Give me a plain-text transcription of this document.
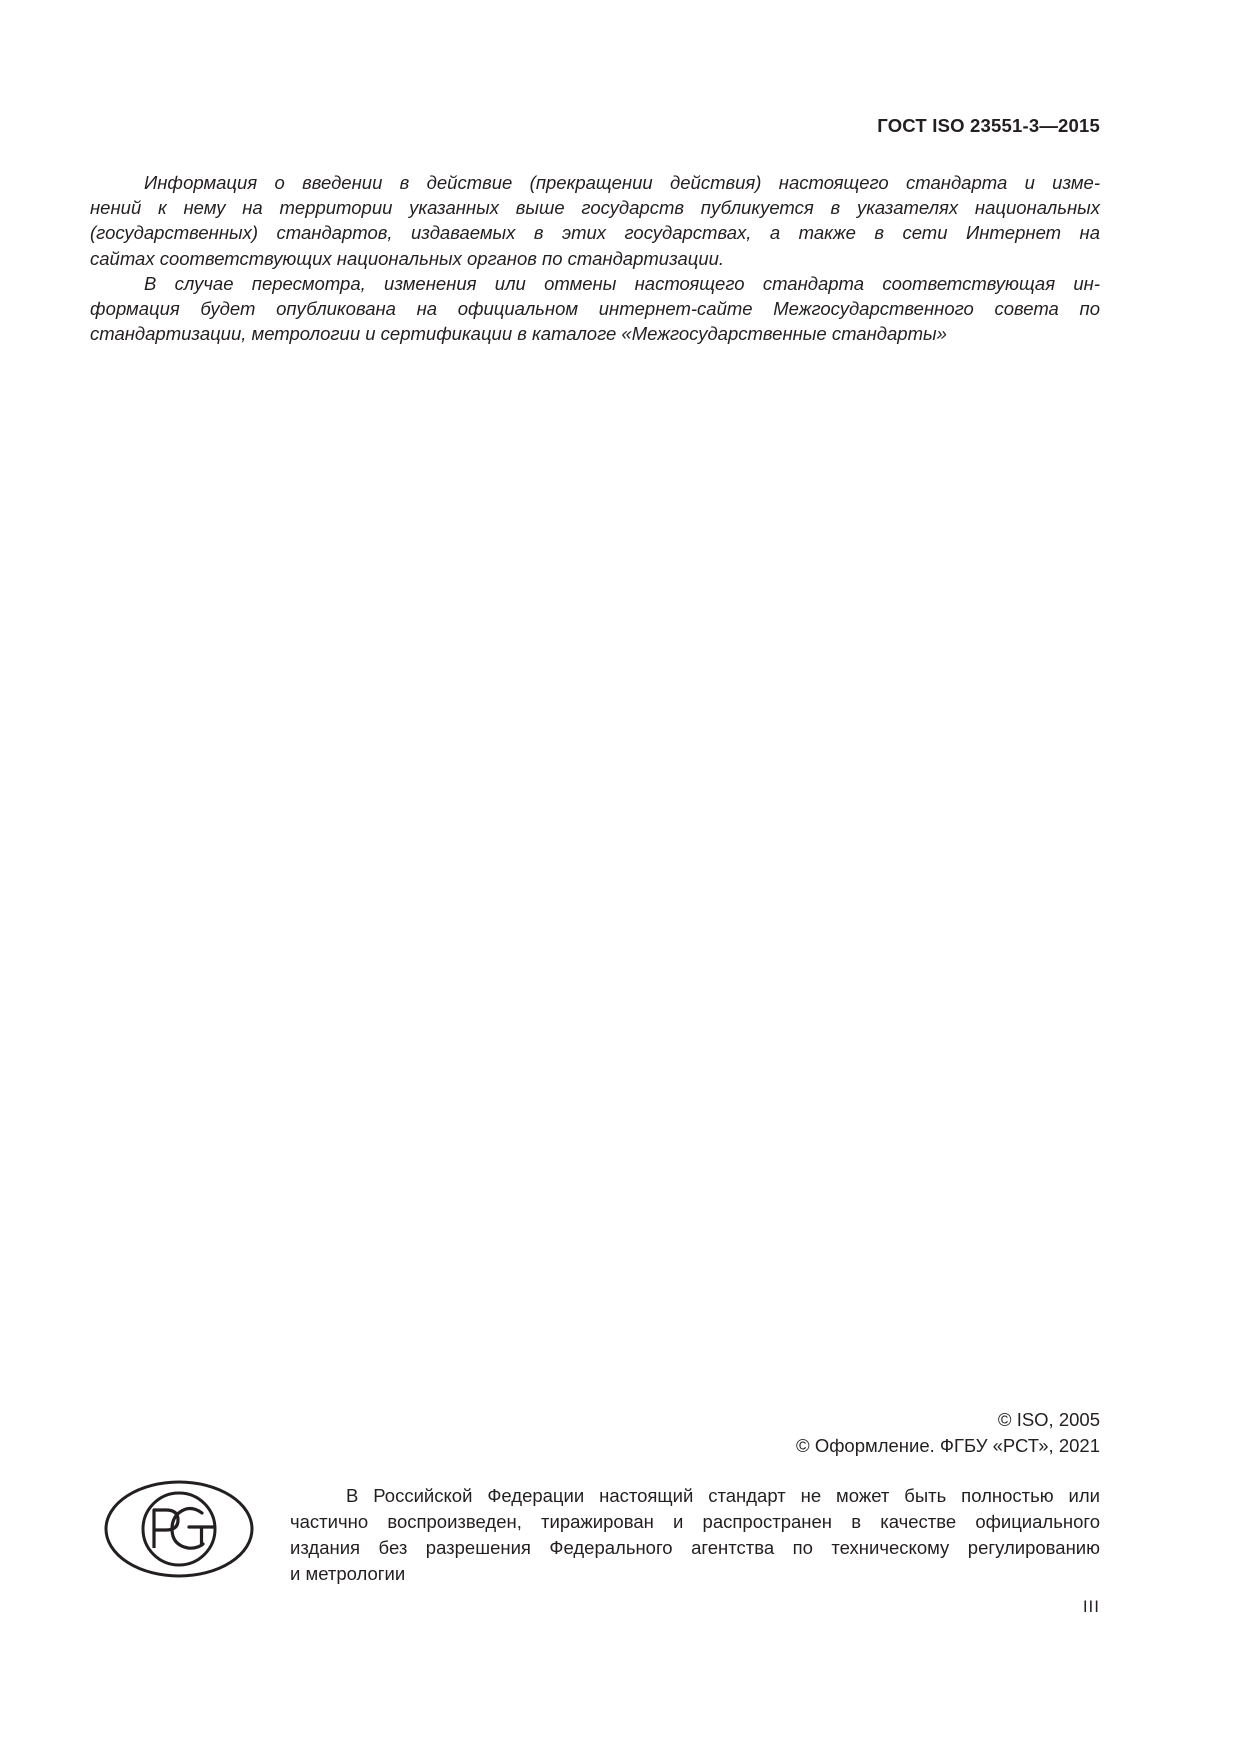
ГОСТ ISO 23551-3—2015

Информация о введении в действие (прекращении действия) настоящего стандарта и изме-
нений к нему на территории указанных выше государств публикуется в указателях национальных
(государственных) стандартов, издаваемых в этих государствах, а также в сети Интернет на
сайтах соответствующих национальных органов по стандартизации.

В случае пересмотра, изменения или отмены настоящего стандарта соответствующая ин-
формация будет опубликована на официальном интернет-сайте Межгосударственного совета по
стандартизации, метрологии и сертификации в каталоге «Межгосударственные стандарты»

© ISO, 2005
© Оформление. ФГБУ «РСТ», 2021
В Российской Федерации настоящий стандарт не может быть полностью или
частично воспроизведен, тиражирован и распространен в качестве официального
издания без разрешения Федерального агентства по техническому регулированию
и метрологии
III
